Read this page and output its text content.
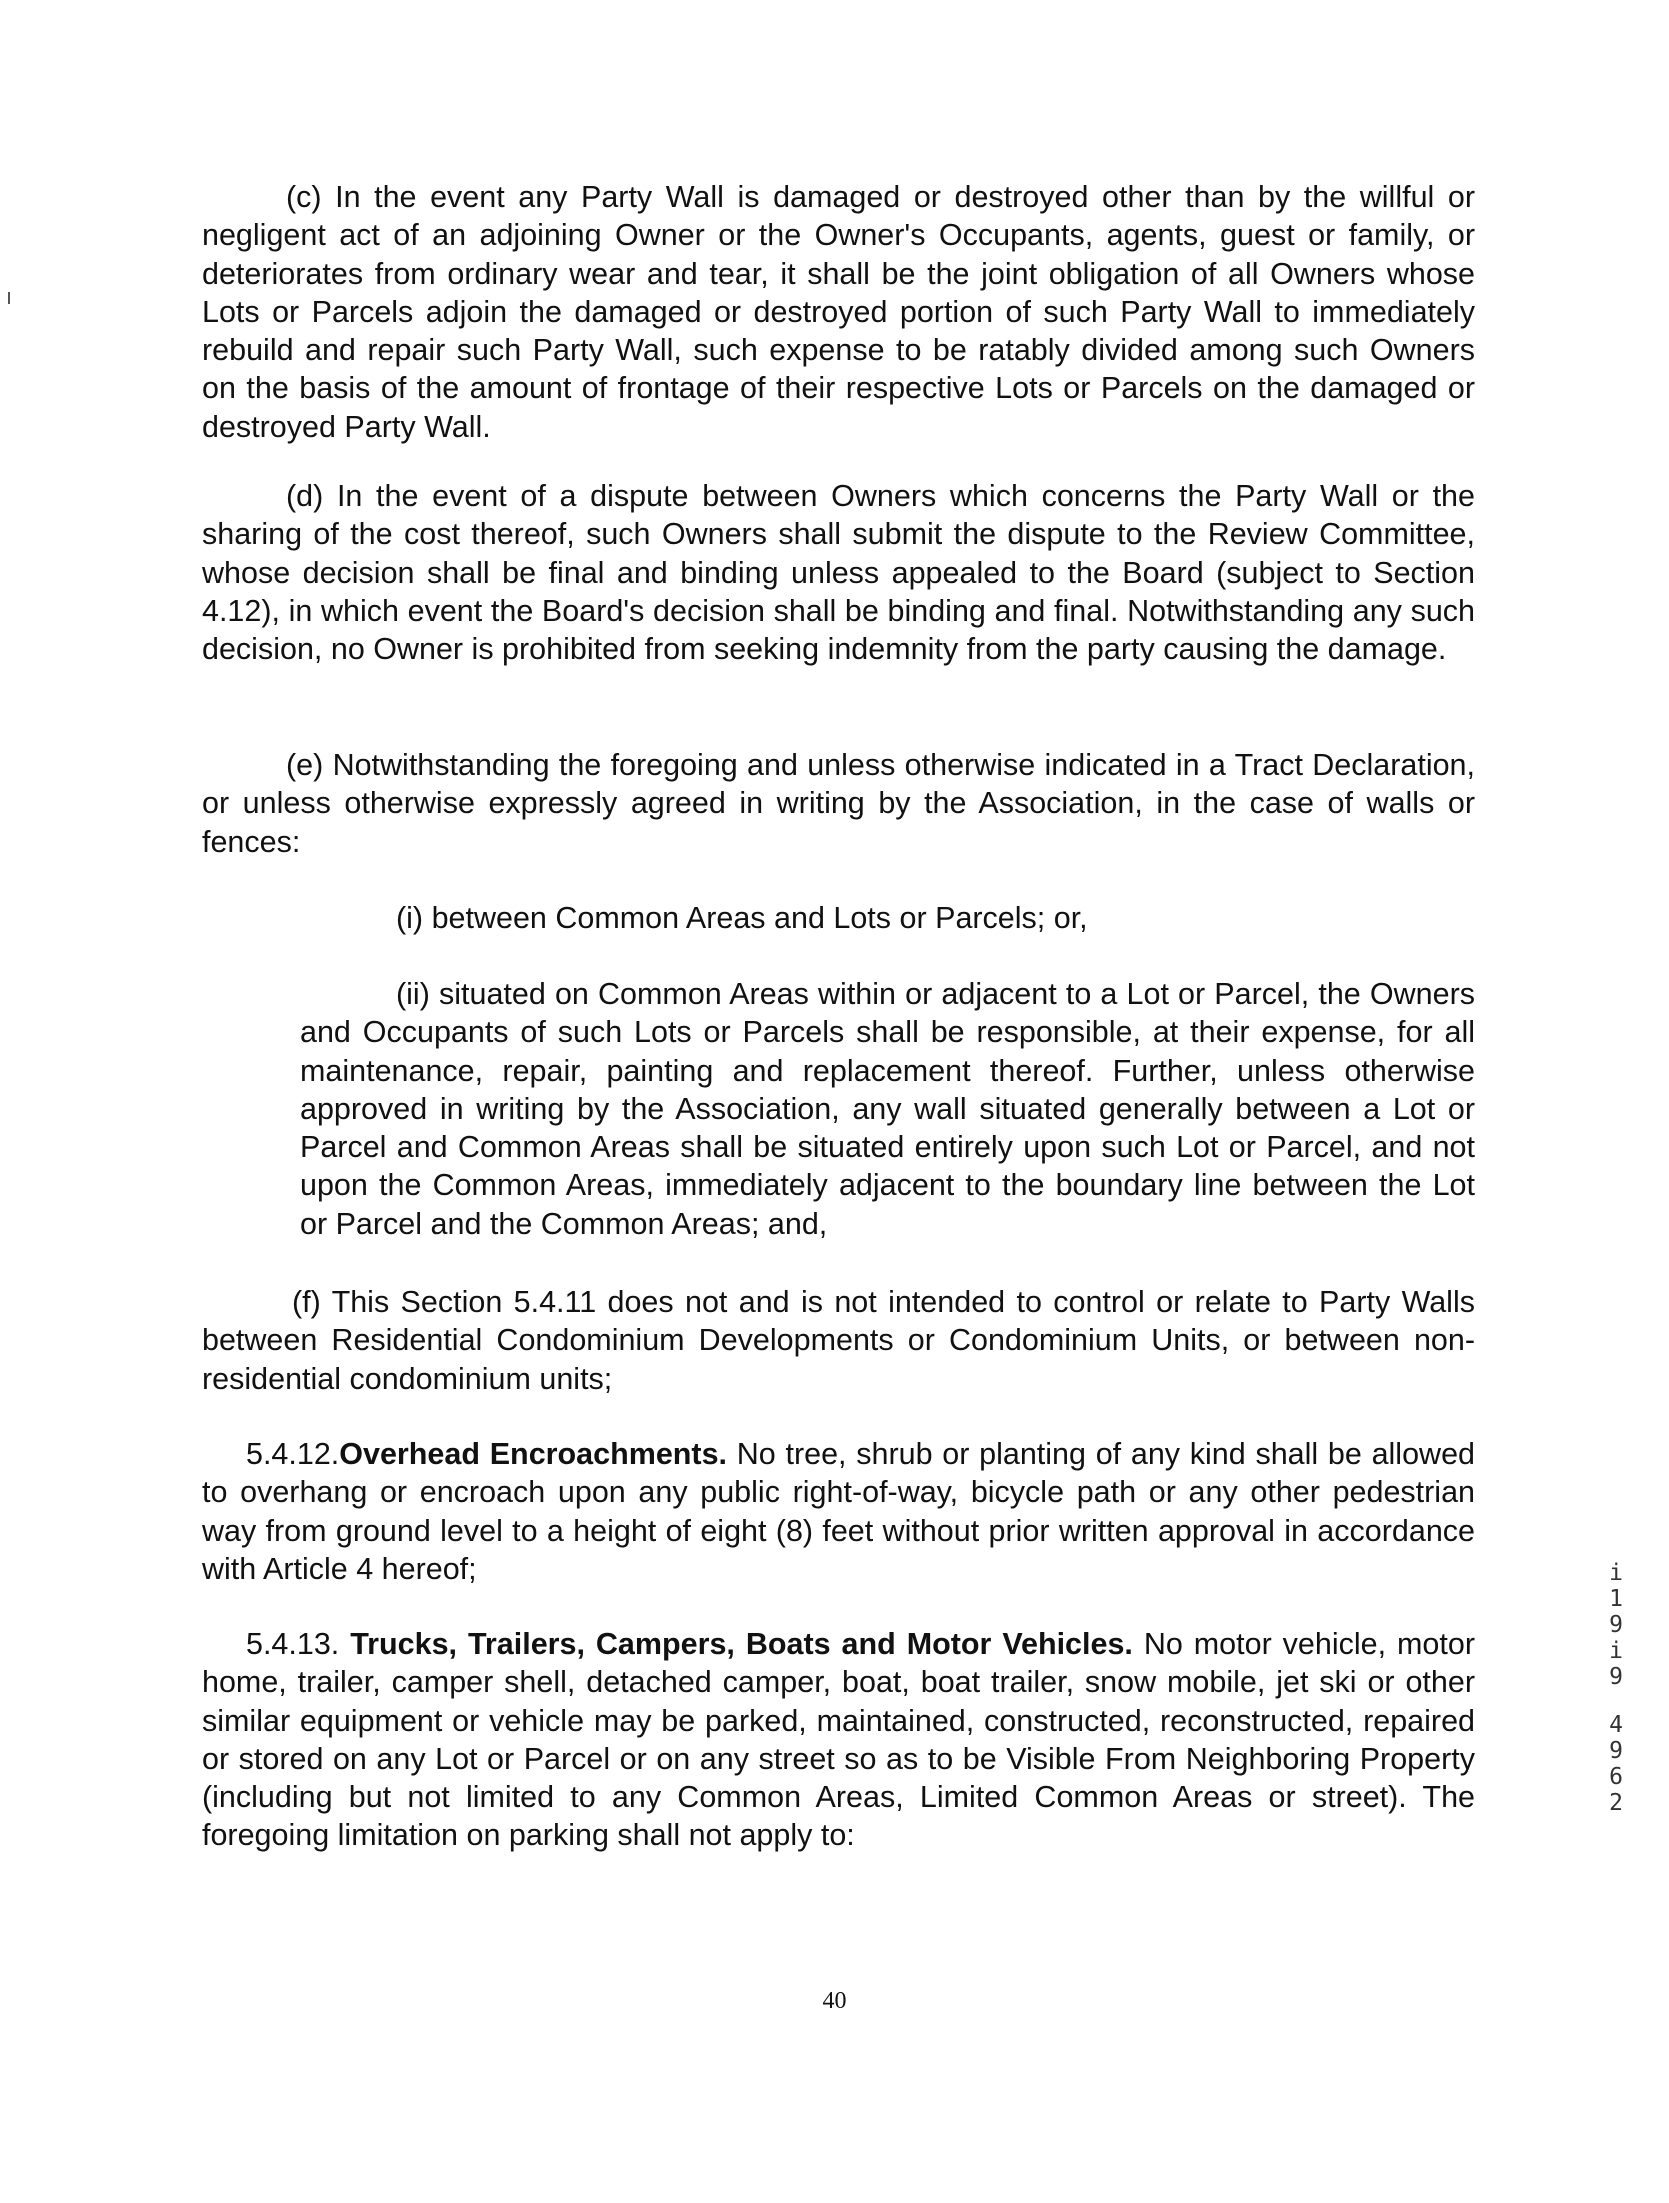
(c) In the event any Party Wall is damaged or destroyed other than by the willful or negligent act of an adjoining Owner or the Owner's Occupants, agents, guest or family, or deteriorates from ordinary wear and tear, it shall be the joint obligation of all Owners whose Lots or Parcels adjoin the damaged or destroyed portion of such Party Wall to immediately rebuild and repair such Party Wall, such expense to be ratably divided among such Owners on the basis of the amount of frontage of their respective Lots or Parcels on the damaged or destroyed Party Wall.

(d) In the event of a dispute between Owners which concerns the Party Wall or the sharing of the cost thereof, such Owners shall submit the dispute to the Review Committee, whose decision shall be final and binding unless appealed to the Board (subject to Section 4.12), in which event the Board's decision shall be binding and final. Notwithstanding any such decision, no Owner is prohibited from seeking indemnity from the party causing the damage.

(e) Notwithstanding the foregoing and unless otherwise indicated in a Tract Declaration, or unless otherwise expressly agreed in writing by the Association, in the case of walls or fences:

(i) between Common Areas and Lots or Parcels; or,

(ii) situated on Common Areas within or adjacent to a Lot or Parcel, the Owners and Occupants of such Lots or Parcels shall be responsible, at their expense, for all maintenance, repair, painting and replacement thereof. Further, unless otherwise approved in writing by the Association, any wall situated generally between a Lot or Parcel and Common Areas shall be situated entirely upon such Lot or Parcel, and not upon the Common Areas, immediately adjacent to the boundary line between the Lot or Parcel and the Common Areas; and,

(f) This Section 5.4.11 does not and is not intended to control or relate to Party Walls between Residential Condominium Developments or Condominium Units, or between non-residential condominium units;

5.4.12.Overhead Encroachments. No tree, shrub or planting of any kind shall be allowed to overhang or encroach upon any public right-of-way, bicycle path or any other pedestrian way from ground level to a height of eight (8) feet without prior written approval in accordance with Article 4 hereof;

5.4.13. Trucks, Trailers, Campers, Boats and Motor Vehicles. No motor vehicle, motor home, trailer, camper shell, detached camper, boat, boat trailer, snow mobile, jet ski or other similar equipment or vehicle may be parked, maintained, constructed, reconstructed, repaired or stored on any Lot or Parcel or on any street so as to be Visible From Neighboring Property (including but not limited to any Common Areas, Limited Common Areas or street). The foregoing limitation on parking shall not apply to:

i
1
9
i
9
4
9
6
2
40
